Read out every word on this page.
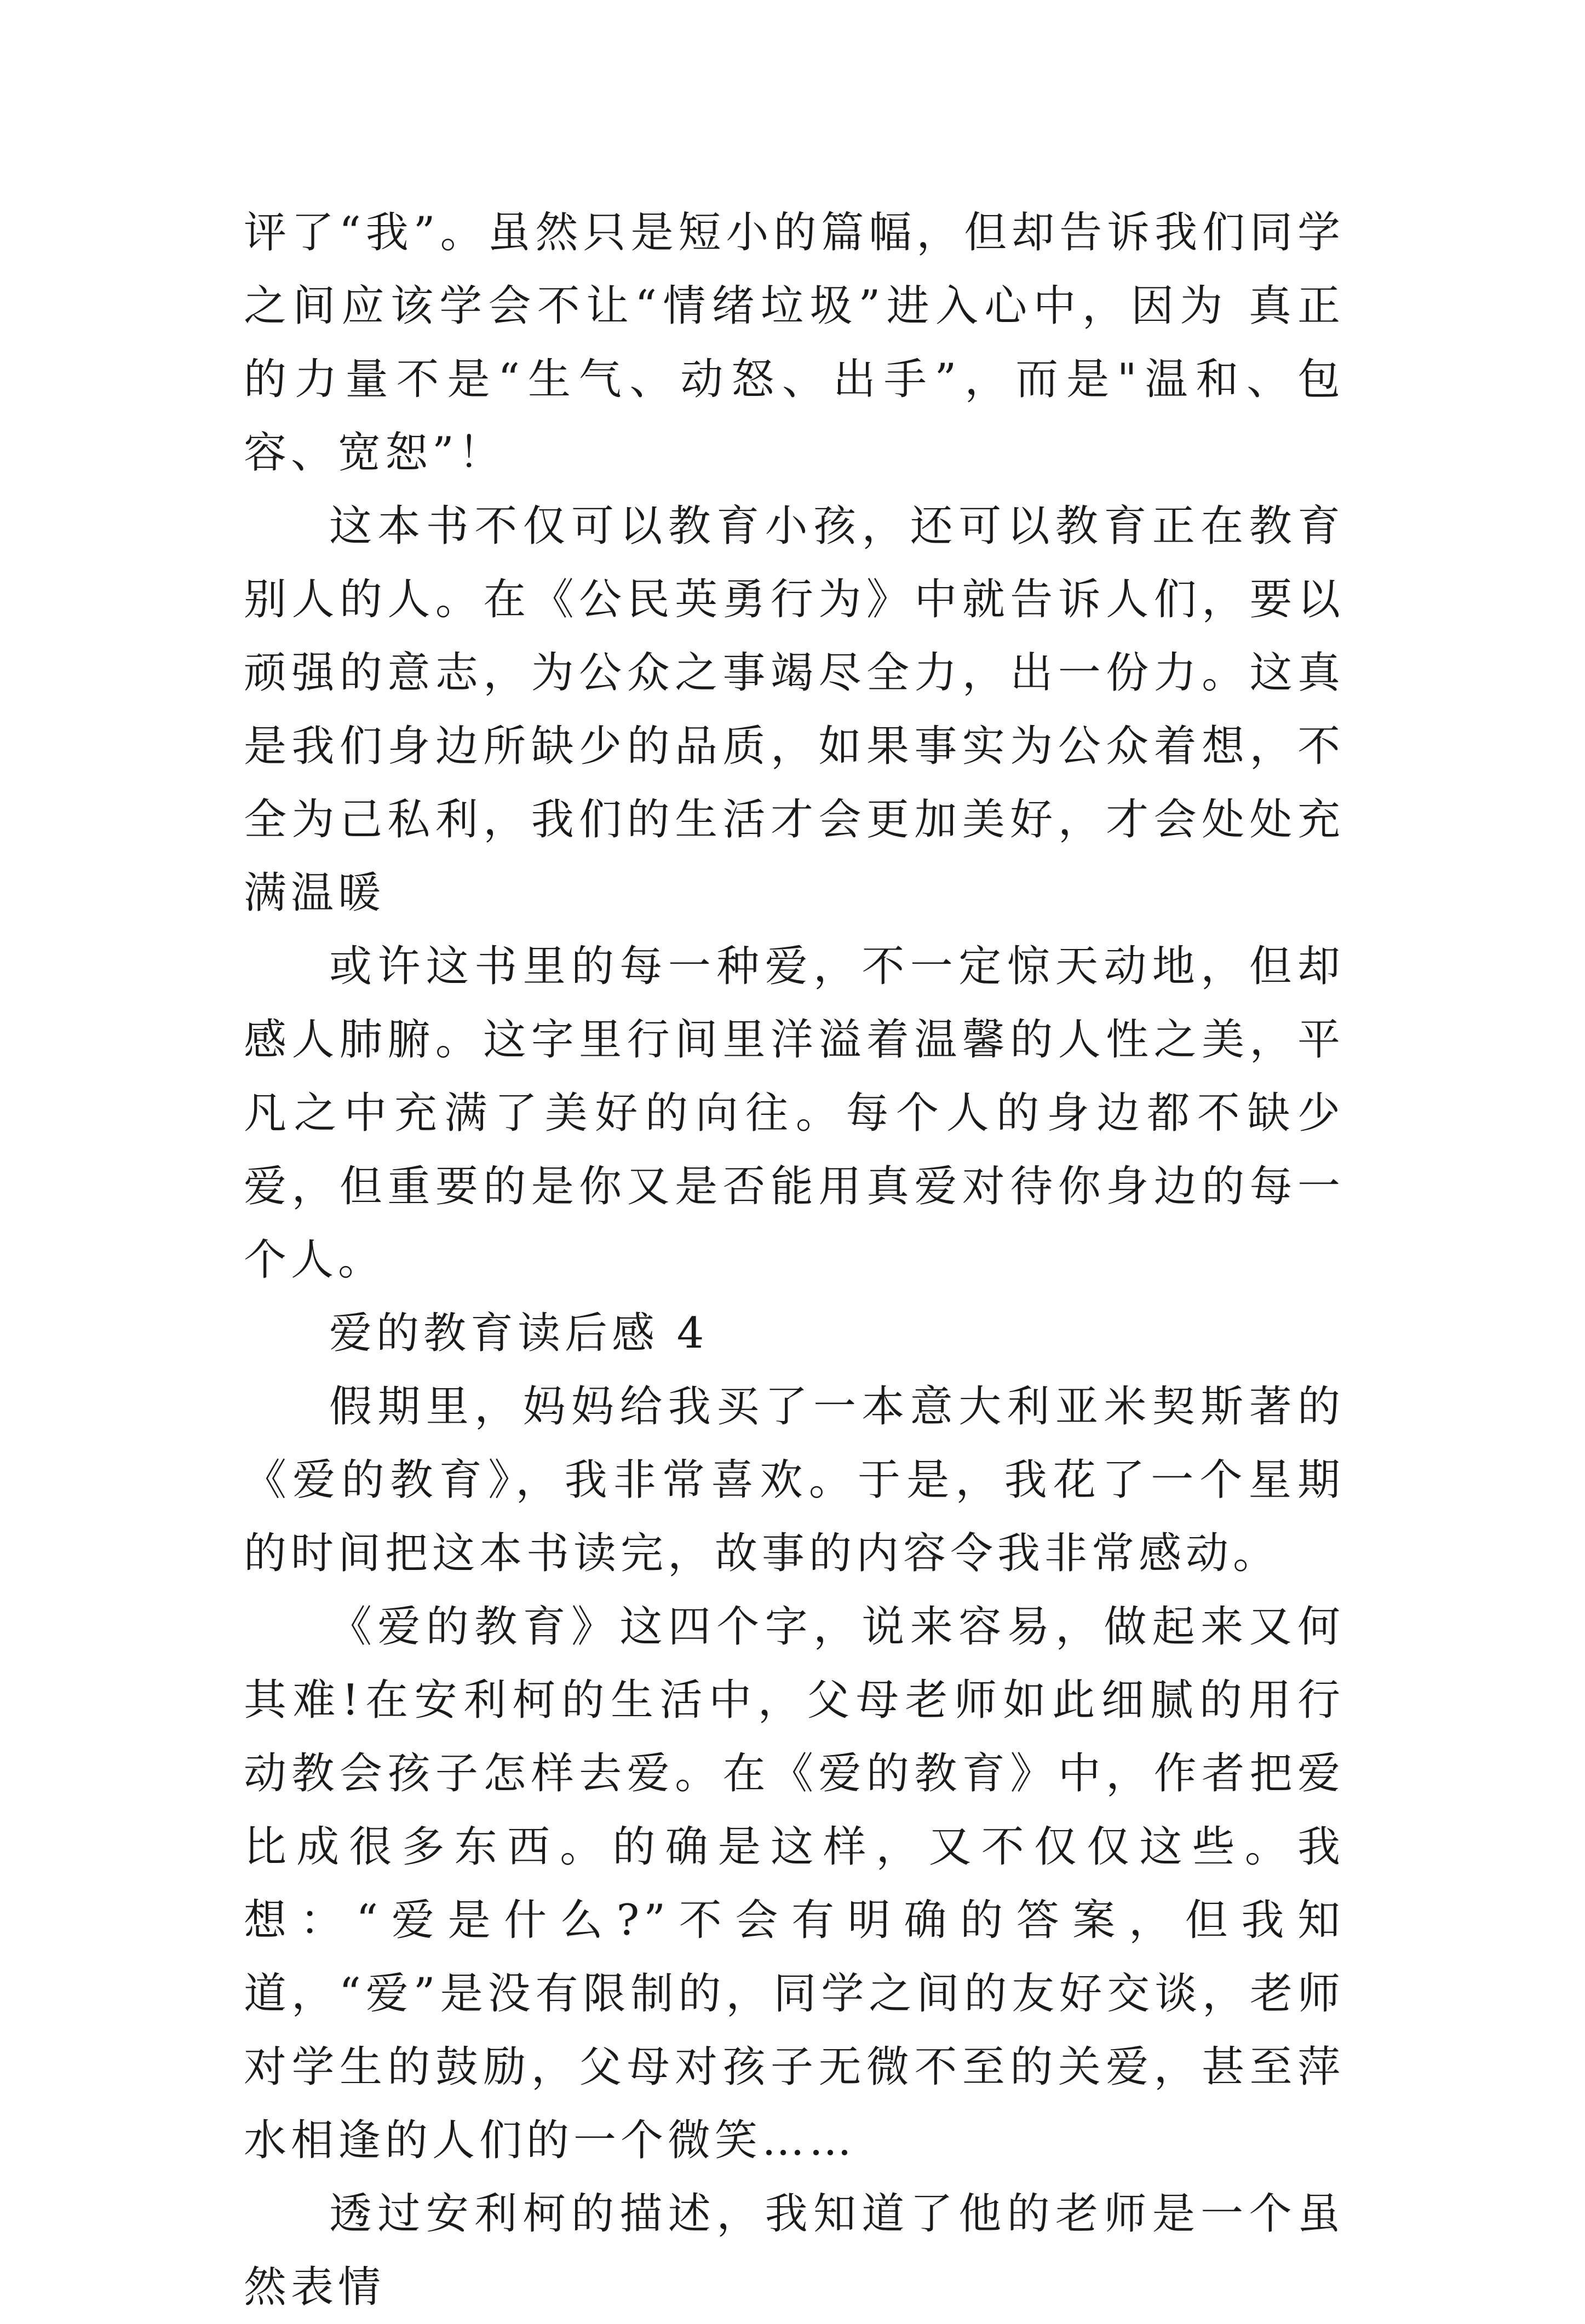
评了“我”。虽然只是短小的篇幅，但却告诉我们同学之间应该学会不让“情绪垃圾”进入心中，因为 真正的力量不是“生气、动怒、出手”，而是"温和、包容、宽恕”！

这本书不仅可以教育小孩，还可以教育正在教育别人的人。在《公民英勇行为》中就告诉人们，要以顽强的意志，为公众之事竭尽全力，出一份力。这真是我们身边所缺少的品质，如果事实为公众着想，不全为己私利，我们的生活才会更加美好，才会处处充满温暖

或许这书里的每一种爱，不一定惊天动地，但却感人肺腑。这字里行间里洋溢着温馨的人性之美，平凡之中充满了美好的向往。每个人的身边都不缺少爱，但重要的是你又是否能用真爱对待你身边的每一个人。

爱的教育读后感 4

假期里，妈妈给我买了一本意大利亚米契斯著的《爱的教育》，我非常喜欢。于是，我花了一个星期的时间把这本书读完，故事的内容令我非常感动。

《爱的教育》这四个字，说来容易，做起来又何其难!在安利柯的生活中，父母老师如此细腻的用行动教会孩子怎样去爱。在《爱的教育》中，作者把爱比成很多东西。的确是这样，又不仅仅这些。我想：“爱是什么?”不会有明确的答案，但我知道，“爱”是没有限制的，同学之间的友好交谈，老师对学生的鼓励，父母对孩子无微不至的关爱，甚至萍水相逢的人们的一个微笑……

透过安利柯的描述，我知道了他的老师是一个虽然表情
